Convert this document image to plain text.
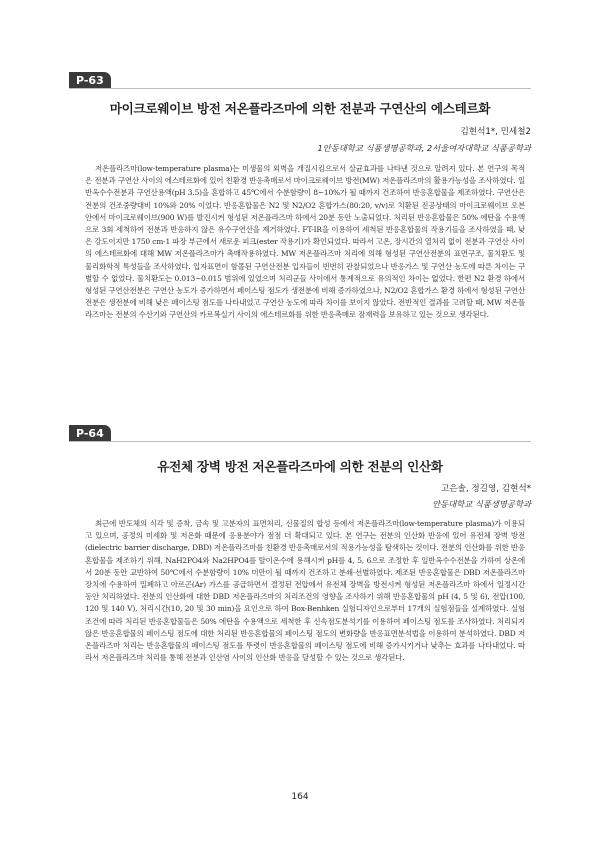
P-63
마이크로웨이브 방전 저온플라즈마에 의한 전분과 구연산의 에스테르화
김현석1*, 민세철2
1안동대학교 식품생명공학과, 2서울여자대학교 식품공학과

저온플라즈마(low-temperature plasma)는 미생물의 외벽을 개질시킴으로서 살균효과를 나타낸 것으로 알려져 있다. 본 연구의 목적은 전분과 구연산 사이의 에스테르화에 있어 친환경 반응촉매로서 마이크로웨이브 방전(MW) 저온플라즈마의 활용가능성을 조사하였다. 일반옥수수전분과 구연산용액(pH 3.5)을 혼합하고 45℃에서 수분함량이 8~10%가 될 때까지 건조하여 반응혼합물을 제조하였다. 구연산은 전분의 건조중량대비 10%와 20% 이었다. 반응혼합물은 N2 및 N2/O2 혼합가스(80:20, v/v)로 치환된 진공상태의 마이크로웨이브 오븐 안에서 마이크로웨이브(900 W)를 발진시켜 형성된 저온플라즈마 하에서 20분 동안 노출되었다. 처리된 반응혼합물은 50% 에탄올 수용액으로 3회 세척하여 전분과 반응하지 않은 유수구연산을 제거하였다. FT-IR을 이용하여 세척된 반응혼합물의 작용기들을 조사하였을 때, 낮은 강도이지만 1750 cm-1 파장 부근에서 새로운 피크(ester 작용기)가 확인되었다. 따라서 고온, 장시간의 열처리 없이 전분과 구연산 사이의 에스테르화에 대해 MW 저온플라즈마가 촉매작용하였다. MW 저온플라즈마 처리에 의해 형성된 구연산전분의 표면구조, 물치환도 및 물리화학적 특성들을 조사하였다. 입자표면이 함몰된 구연산전분 입자들이 빈번히 관찰되었으나 반응가스 및 구연산 농도에 따른 차이는 구별할 수 없었다. 물치환도는 0.013~0.015 범위에 있었으며 처리군들 사이에서 통계적으로 유의적인 차이는 없었다. 한편 N2 환경 하에서 형성된 구연산전분은 구연산 농도가 증가하면서 페이스팅 점도가 생전분에 비해 증가하였으나, N2/O2 혼합가스 환경 하에서 형성된 구연산전분은 생전분에 비해 낮은 페이스팅 점도를 나타내었고 구연산 농도에 따라 차이를 보이지 않았다. 전반적인 결과를 고려할 때, MW 저온플라즈마는 전분의 수산기와 구연산의 카르복실기 사이의 에스테르화를 위한 반응촉매로 잠재력을 보유하고 있는 것으로 생각된다.

P-64
유전체 장벽 방전 저온플라즈마에 의한 전분의 인산화
고은솔, 정길영, 김현석*
안동대학교 식품생명공학과

최근에 반도체의 식각 및 증착, 금속 및 고분자의 표면처리, 신물질의 합성 등에서 저온플라즈마(low-temperature plasma)가 이용되고 있으며, 공정의 미세화 및 저온화 때문에 응용분야가 점점 더 확대되고 있다. 본 연구는 전분의 인산화 반응에 있어 유전체 장벽 방전(dielectric barrier discharge, DBD) 저온플라즈마를 친환경 반응촉매로서의 적용가능성을 탐색하는 것이다. 전분의 인산화를 위한 반응혼합물을 제조하기 위해, NaH2PO4와 Na2HPO4를 탈이온수에 용해시켜 pH를 4, 5, 6으로 조정한 후 일반옥수수전분을 가하여 상온에서 20분 동안 교반하여 50℃에서 수분함량이 10% 미만이 될 때까지 건조하고 분쇄·선별하였다. 제조된 반응혼합물은 DBD 저온플라즈마 장치에 수용하여 밀폐하고 아르곤(Ar) 가스를 공급하면서 결정된 전압에서 유전체 장벽을 방전시켜 형성된 저온플라즈마 하에서 일정시간 동안 처리하였다. 전분의 인산화에 대한 DBD 저온플라즈마의 처리조건의 영향을 조사하기 위해 반응혼합물의 pH (4, 5 및 6), 전압(100, 120 및 140 V), 처리시간(10, 20 및 30 min)을 요인으로 하여 Box-Benhken 실험디자인으로부터 17개의 실험점들을 설계하였다. 실험조건에 따라 처리된 반응혼합물들은 50% 에탄올 수용액으로 세척한 후 신속점도분석기를 이용하여 페이스팅 점도를 조사하였다. 처리되지 않은 반응혼합물의 페이스팅 점도에 대한 처리된 반응혼합물의 페이스팅 점도의 변화량을 반응표면분석법을 이용하여 분석하였다. DBD 저온플라즈마 처리는 반응혼합물의 페이스팅 점도를 뚜렷이 반응혼합물의 페이스팅 점도에 비해 증가시키거나 낮추는 효과를 나타내었다. 따라서 저온플라즈마 처리를 통해 전분과 인산염 사이의 인산화 반응을 달성할 수 있는 것으로 생각된다.

164
